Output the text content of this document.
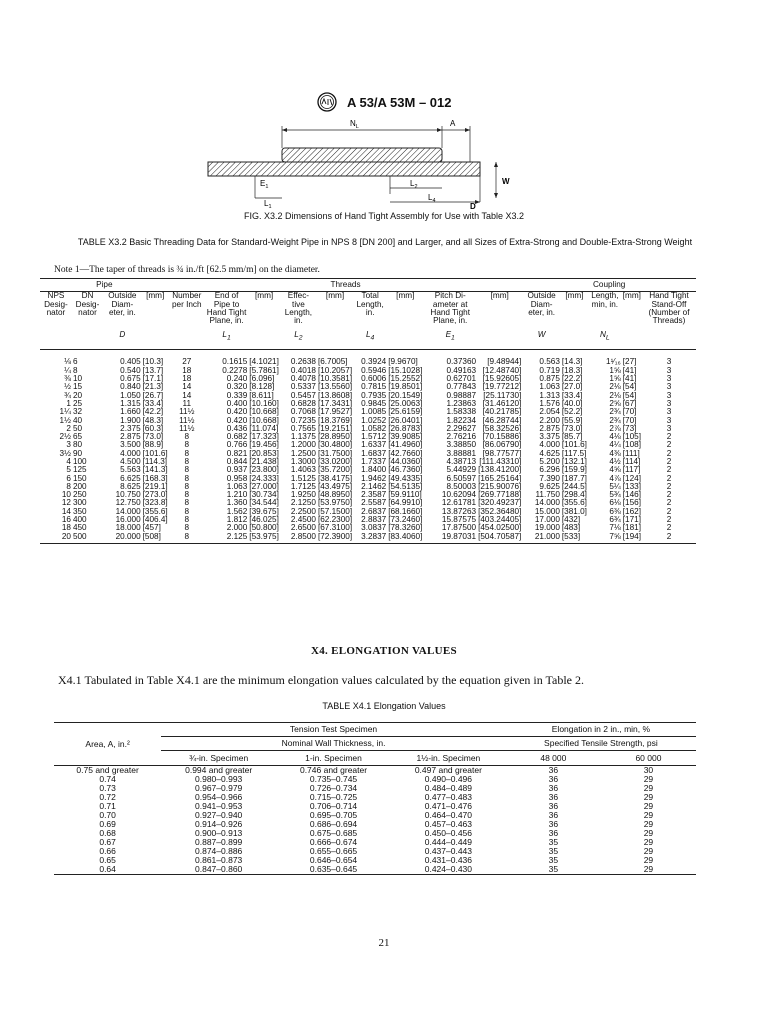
A 53/A 53M – 012
$N_L$	A
$E_1$
$L_1$
$L_2$
$L_4$
D
W
FIG. X3.2 Dimensions of Hand Tight Assembly for Use with Table X3.2
TABLE X3.2 Basic Threading Data for Standard-Weight Pipe in NPS 8 [DN 200] and Larger, and all Sizes of Extra-Strong and Double-Extra-Strong Weight
Note 1—The taper of threads is ¾ in./ft [62.5 mm/m] on the diameter.
Pipe				Threads									Coupling				
NPS Desig- nator	DN Desig- nator	Outside Diam- eter, in.	[mm]	Number per Inch	End of Pipe to Hand Tight Plane, in.	[mm]	Effec- tive Length, in.	[mm]	Total Length, in.	[mm]	Pitch Di- ameter at Hand Tight Plane, in.	[mm]	Outside Diam- eter, in.	[mm]	Length, min, in.	[mm]	Hand Tight Stand-Off (Number of Threads)
		D			$L_1$		$L_2$		$L_4$		$E_1$		W		$N_L$		
⅛	6	0.405	[10.3]	27	0.1615	[4.1021]	0.2638	[6.7005]	0.3924	[9.9670]	0.37360	[9.48944]	0.563	[14.3]	1¹⁄₁₆	[27]	3
¼	8	0.540	[13.7]	18	0.2278	[5.7861]	0.4018	[10.2057]	0.5946	[15.1028]	0.49163	[12.48740]	0.719	[18.3]	1⅝	[41]	3
⅜	10	0.675	[17.1]	18	0.240	[6.096]	0.4078	[10.3581]	0.6006	[15.2552]	0.62701	[15.92605]	0.875	[22.2]	1⅝	[41]	3
½	15	0.840	[21.3]	14	0.320	[8.128]	0.5337	[13.5560]	0.7815	[19.8501]	0.77843	[19.77212]	1.063	[27.0]	2⅛	[54]	3
¾	20	1.050	[26.7]	14	0.339	[8.611]	0.5457	[13.8608]	0.7935	[20.1549]	0.98887	[25.11730]	1.313	[33.4]	2⅛	[54]	3
1	25	1.315	[33.4]	11	0.400	[10.160]	0.6828	[17.3431]	0.9845	[25.0063]	1.23863	[31.46120]	1.576	[40.0]	2⅝	[67]	3
1¼	32	1.660	[42.2]	11½	0.420	[10.668]	0.7068	[17.9527]	1.0085	[25.6159]	1.58338	[40.21785]	2.054	[52.2]	2¾	[70]	3
1½	40	1.900	[48.3]	11½	0.420	[10.668]	0.7235	[18.3769]	1.0252	[26.0401]	1.82234	[46.28744]	2.200	[55.9]	2¾	[70]	3
2	50	2.375	[60.3]	11½	0.436	[11.074]	0.7565	[19.2151]	1.0582	[26.8783]	2.29627	[58.32526]	2.875	[73.0]	2⅞	[73]	3
2½	65	2.875	[73.0]	8	0.682	[17.323]	1.1375	[28.8950]	1.5712	[39.9085]	2.76216	[70.15886]	3.375	[85.7]	4⅛	[105]	2
3	80	3.500	[88.9]	8	0.766	[19.456]	1.2000	[30.4800]	1.6337	[41.4960]	3.38850	[86.06790]	4.000	[101.6]	4¼	[108]	2
3½	90	4.000	[101.6]	8	0.821	[20.853]	1.2500	[31.7500]	1.6837	[42.7660]	3.88881	[98.77577]	4.625	[117.5]	4⅜	[111]	2
4	100	4.500	[114.3]	8	0.844	[21.438]	1.3000	[33.0200]	1.7337	[44.0360]	4.38713	[111.43310]	5.200	[132.1]	4½	[114]	2
5	125	5.563	[141.3]	8	0.937	[23.800]	1.4063	[35.7200]	1.8400	[46.7360]	5.44929	[138.41200]	6.296	[159.9]	4⅝	[117]	2
6	150	6.625	[168.3]	8	0.958	[24.333]	1.5125	[38.4175]	1.9462	[49.4335]	6.50597	[165.25164]	7.390	[187.7]	4⅞	[124]	2
8	200	8.625	[219.1]	8	1.063	[27.000]	1.7125	[43.4975]	2.1462	[54.5135]	8.50003	[215.90076]	9.625	[244.5]	5¼	[133]	2
10	250	10.750	[273.0]	8	1.210	[30.734]	1.9250	[48.8950]	2.3587	[59.9110]	10.62094	[269.77188]	11.750	[298.4]	5¾	[146]	2
12	300	12.750	[323.8]	8	1.360	[34.544]	2.1250	[53.9750]	2.5587	[64.9910]	12.61781	[320.49237]	14.000	[355.6]	6⅛	[156]	2
14	350	14.000	[355.6]	8	1.562	[39.675]	2.2500	[57.1500]	2.6837	[68.1660]	13.87263	[352.36480]	15.000	[381.0]	6⅜	[162]	2
16	400	16.000	[406.4]	8	1.812	[46.025]	2.4500	[62.2300]	2.8837	[73.2460]	15.87575	[403.24405]	17.000	[432]	6¾	[171]	2
18	450	18.000	[457]	8	2.000	[50.800]	2.6500	[67.3100]	3.0837	[78.3260]	17.87500	[454.02500]	19.000	[483]	7⅛	[181]	2
20	500	20.000	[508]	8	2.125	[53.975]	2.8500	[72.3900]	3.2837	[83.4060]	19.87031	[504.70587]	21.000	[533]	7⅝	[194]	2
X4. ELONGATION VALUES
X4.1 Tabulated in Table X4.1 are the minimum elongation values calculated by the equation given in Table 2.
TABLE X4.1 Elongation Values
Area, A, in.²	Tension Test Specimen			Elongation in 2 in., min, %	
	Nominal Wall Thickness, in.			Specified Tensile Strength, psi	
	¾-in. Specimen	1-in. Specimen	1½-in. Specimen	48 000	60 000
0.75 and greater	0.994 and greater	0.746 and greater	0.497 and greater	36	30
0.74	0.980–0.993	0.735–0.745	0.490–0.496	36	29
0.73	0.967–0.979	0.726–0.734	0.484–0.489	36	29
0.72	0.954–0.966	0.715–0.725	0.477–0.483	36	29
0.71	0.941–0.953	0.706–0.714	0.471–0.476	36	29
0.70	0.927–0.940	0.695–0.705	0.464–0.470	36	29
0.69	0.914–0.926	0.686–0.694	0.457–0.463	36	29
0.68	0.900–0.913	0.675–0.685	0.450–0.456	36	29
0.67	0.887–0.899	0.666–0.674	0.444–0.449	35	29
0.66	0.874–0.886	0.655–0.665	0.437–0.443	35	29
0.65	0.861–0.873	0.646–0.654	0.431–0.436	35	29
0.64	0.847–0.860	0.635–0.645	0.424–0.430	35	29
21
